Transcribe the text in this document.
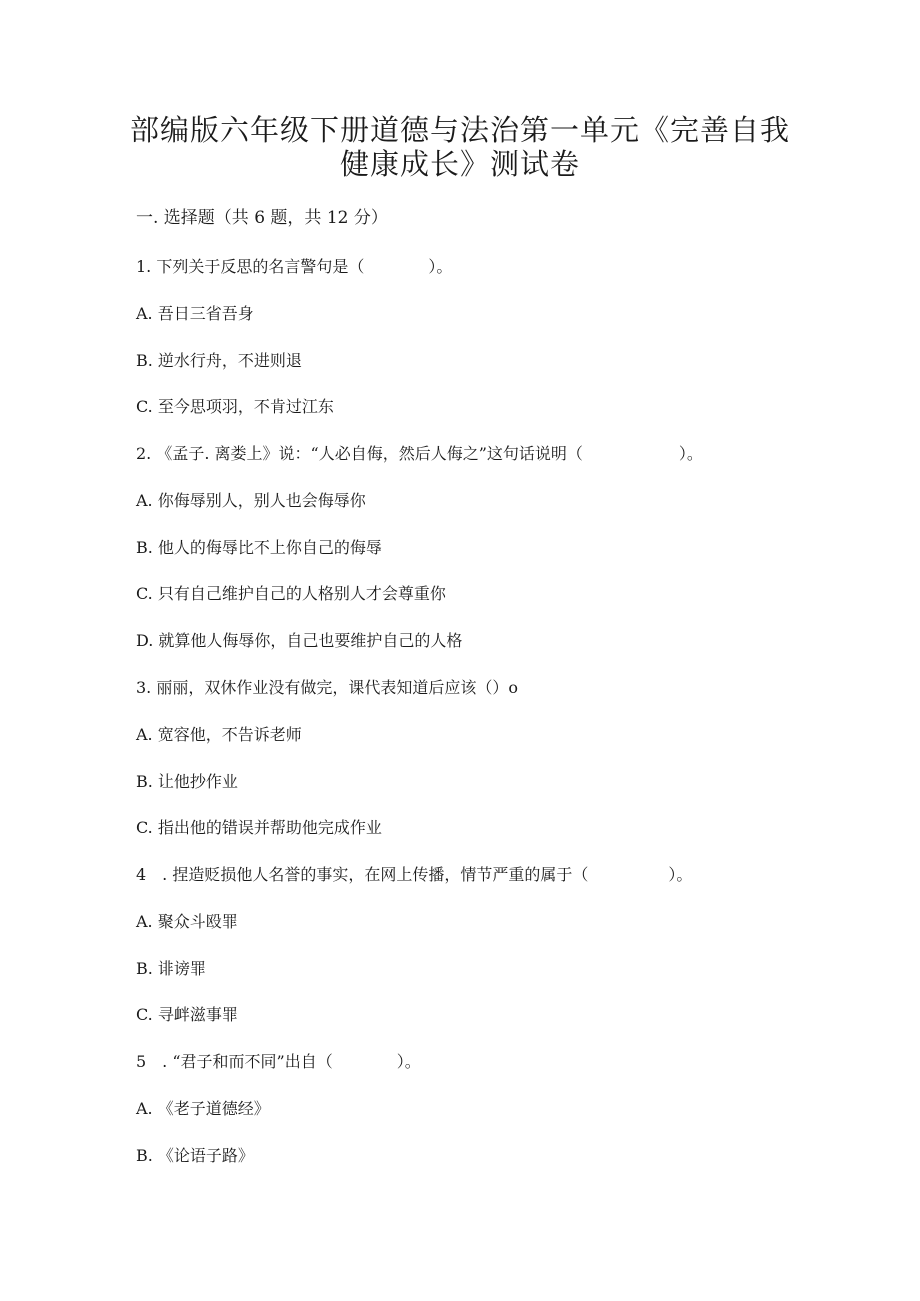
部编版六年级下册道德与法治第一单元《完善自我
健康成长》测试卷
一. 选择题（共 6 题，共 12 分）
1. 下列关于反思的名言警句是（　　　　）。
A. 吾日三省吾身
B. 逆水行舟，不进则退
C. 至今思项羽，不肯过江东
2. 《孟子. 离娄上》说：“人必自侮，然后人侮之”这句话说明（　　　　　　）。
A. 你侮辱别人，别人也会侮辱你
B. 他人的侮辱比不上你自己的侮辱
C. 只有自己维护自己的人格别人才会尊重你
D. 就算他人侮辱你，自己也要维护自己的人格
3. 丽丽，双休作业没有做完，课代表知道后应该（）o
A. 宽容他，不告诉老师
B. 让他抄作业
C. 指出他的错误并帮助他完成作业
4　. 捏造贬损他人名誉的事实，在网上传播，情节严重的属于（　　　　　）。
A. 聚众斗殴罪
B. 诽谤罪
C. 寻衅滋事罪
5　. “君子和而不同”出自（　　　　）。
A. 《老子道德经》
B. 《论语子路》
